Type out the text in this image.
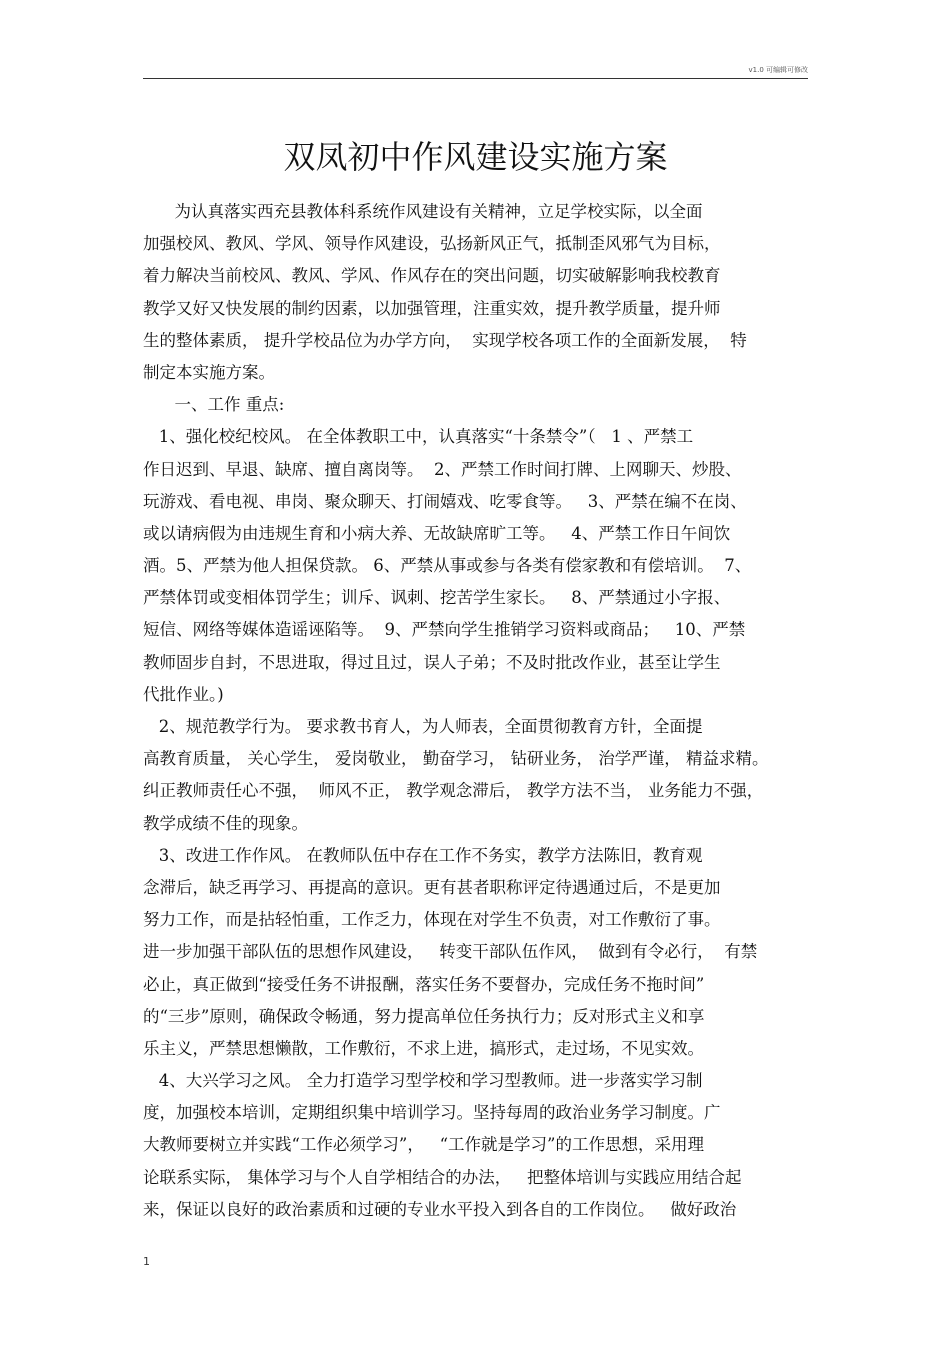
v1.0 可编辑可修改
双凤初中作风建设实施方案
为认真落实西充县教体科系统作风建设有关精神，立足学校实际，以全面
加强校风、教风、学风、领导作风建设，弘扬新风正气，抵制歪风邪气为目标，
着力解决当前校风、教风、学风、作风存在的突出问题，切实破解影响我校教育
教学又好又快发展的制约因素，以加强管理，注重实效，提升教学质量，提升师
生的整体素质， 提升学校品位为办学方向，  实现学校各项工作的全面新发展，  特
制定本实施方案。
一、工作 重点:
1、强化校纪校风。 在全体教职工中，认真落实“十条禁令”（   1 、严禁工
作日迟到、早退、缺席、擅自离岗等。  2、严禁工作时间打牌、上网聊天、炒股、
玩游戏、看电视、串岗、聚众聊天、打闹嬉戏、吃零食等。   3、严禁在编不在岗、
或以请病假为由违规生育和小病大养、无故缺席旷工等。   4、严禁工作日午间饮
酒。5、严禁为他人担保贷款。 6、严禁从事或参与各类有偿家教和有偿培训。  7、
严禁体罚或变相体罚学生；训斥、讽刺、挖苦学生家长。   8、严禁通过小字报、
短信、网络等媒体造谣诬陷等。  9、严禁向学生推销学习资料或商品；   10、严禁
教师固步自封，不思进取，得过且过，误人子弟；不及时批改作业，甚至让学生
代批作业。)
2、规范教学行为。 要求教书育人，为人师表，全面贯彻教育方针，全面提
高教育质量， 关心学生， 爱岗敬业， 勤奋学习， 钻研业务， 治学严谨， 精益求精。
纠正教师责任心不强，  师风不正， 教学观念滞后， 教学方法不当， 业务能力不强，
教学成绩不佳的现象。
3、改进工作作风。 在教师队伍中存在工作不务实，教学方法陈旧，教育观
念滞后，缺乏再学习、再提高的意识。更有甚者职称评定待遇通过后，不是更加
努力工作，而是拈轻怕重，工作乏力，体现在对学生不负责，对工作敷衍了事。
进一步加强干部队伍的思想作风建设，   转变干部队伍作风，  做到有令必行，  有禁
必止，真正做到“接受任务不讲报酬，落实任务不要督办，完成任务不拖时间”
的“三步”原则，确保政令畅通，努力提高单位任务执行力；反对形式主义和享
乐主义，严禁思想懒散，工作敷衍，不求上进，搞形式，走过场，不见实效。
4、大兴学习之风。 全力打造学习型学校和学习型教师。进一步落实学习制
度，加强校本培训，定期组织集中培训学习。坚持每周的政治业务学习制度。广
大教师要树立并实践“工作必须学习”，   “工作就是学习”的工作思想，采用理
论联系实际， 集体学习与个人自学相结合的办法，   把整体培训与实践应用结合起
来，保证以良好的政治素质和过硬的专业水平投入到各自的工作岗位。   做好政治
1
